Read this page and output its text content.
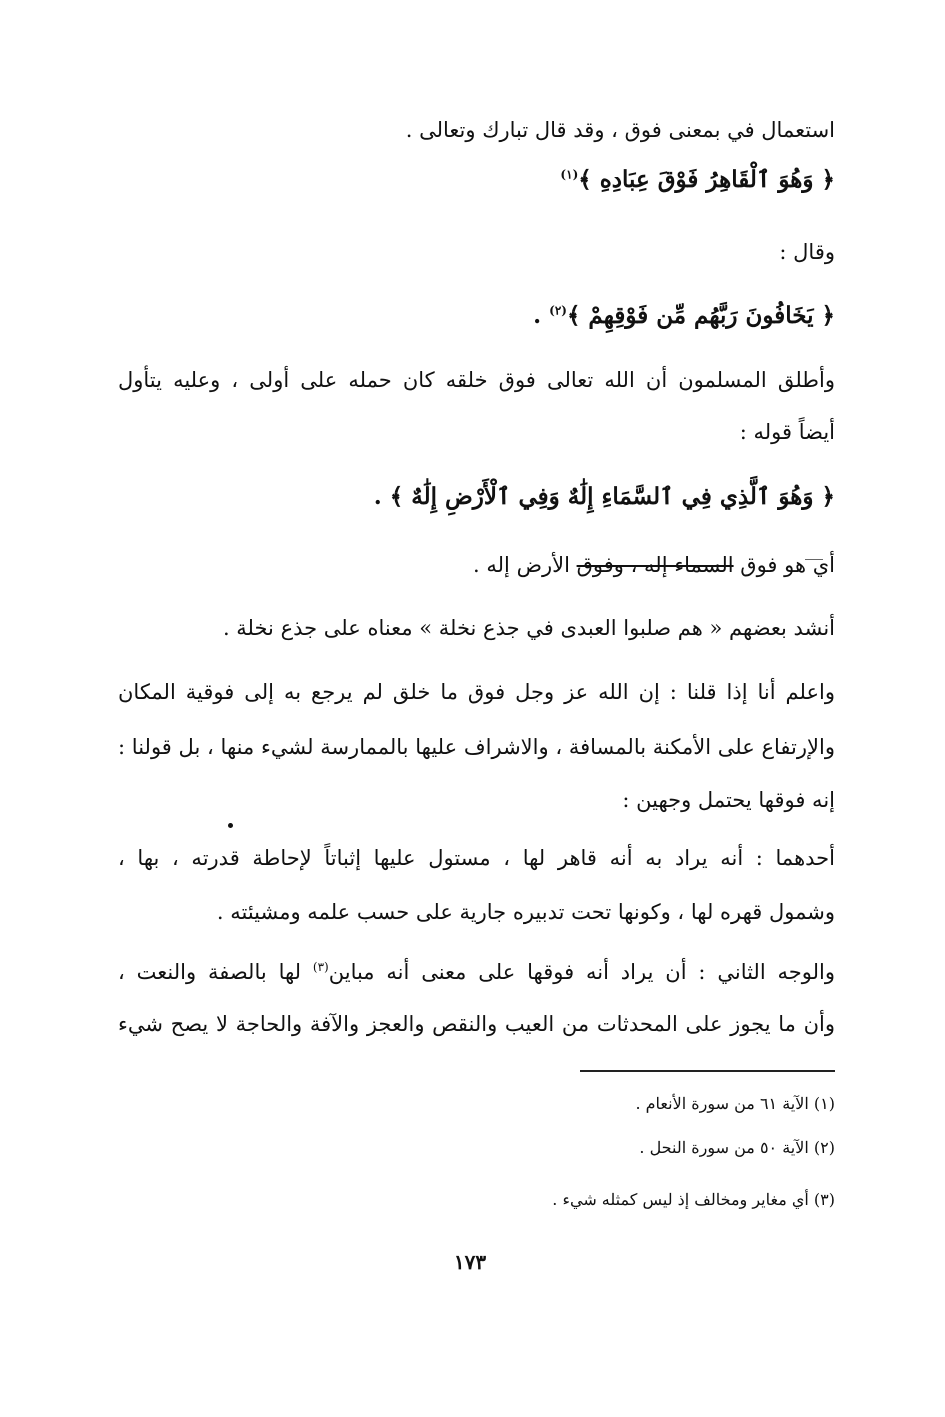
استعمال في بمعنى فوق ، وقد قال تبارك وتعالى .
﴿ وَهُوَ ٱلْقَاهِرُ فَوْقَ عِبَادِهِ ﴾$^{(١)}$
وقال :
﴿ يَخَافُونَ رَبَّهُم مِّن فَوْقِهِمْ ﴾$^{(٢)}$ .
وأطلق المسلمون أن الله تعالى فوق خلقه كان حمله على أولى ، وعليه يتأول
أيضاً قوله :
﴿ وَهُوَ ٱلَّذِي فِي ٱلسَّمَاءِ إِلَٰهٌ وَفِي ٱلْأَرْضِ إِلَٰهٌ ﴾ .
أي هو فوق السماء إله ، وفوق الأرض إله .
أنشد بعضهم « هم صلبوا العبدى في جذع نخلة » معناه على جذع نخلة .
واعلم أنا إذا قلنا : إن الله عز وجل فوق ما خلق لم يرجع به إلى فوقية المكان
والإرتفاع على الأمكنة بالمسافة ، والاشراف عليها بالممارسة لشيء منها ، بل قولنا :
إنه فوقها يحتمل وجهين :
أحدهما : أنه يراد به أنه قاهر لها ، مستول عليها إثباتاً لإحاطة قدرته ، بها ،
وشمول قهره لها ، وكونها تحت تدبيره جارية على حسب علمه ومشيئته .
والوجه الثاني : أن يراد أنه فوقها على معنى أنه مباين$^{(٣)}$ لها بالصفة والنعت ،
وأن ما يجوز على المحدثات من العيب والنقص والعجز والآفة والحاجة لا يصح شيء
(١) الآية ٦١ من سورة الأنعام .
(٢) الآية ٥٠ من سورة النحل .
(٣) أي مغاير ومخالف إذ ليس كمثله شيء .
١٧٣
